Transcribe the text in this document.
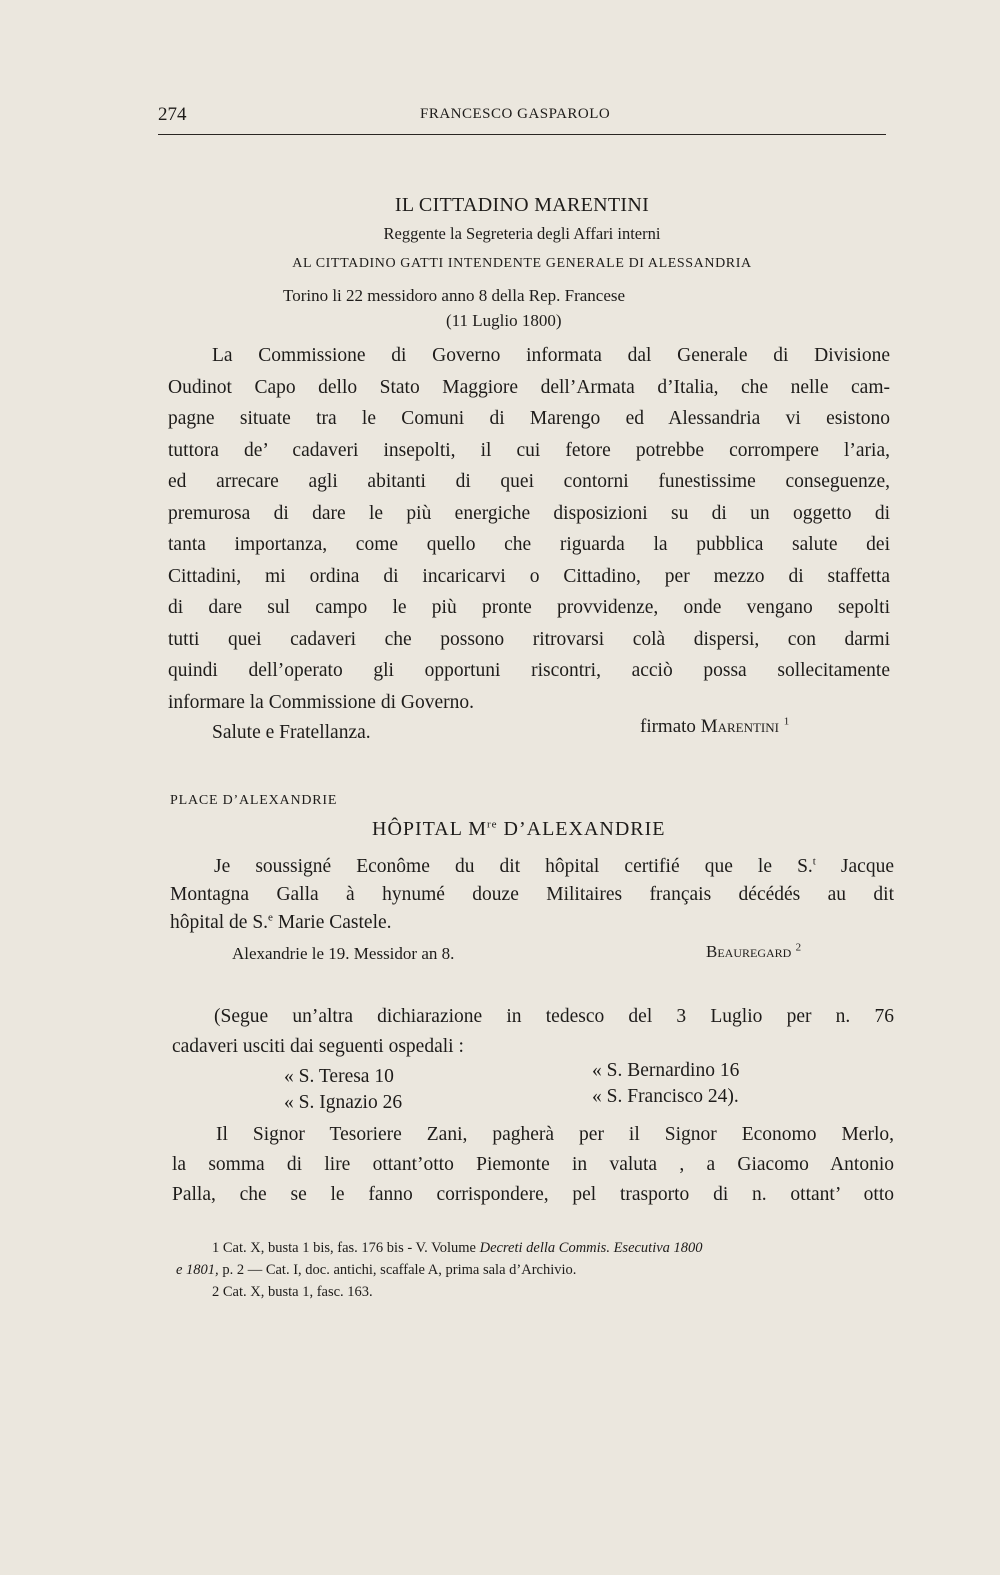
274	FRANCESCO GASPAROLO
IL CITTADINO MARENTINI
Reggente la Segreteria degli Affari interni
AL CITTADINO GATTI INTENDENTE GENERALE DI ALESSANDRIA
Torino li 22 messidoro anno 8 della Rep. Francese
(11 Luglio 1800)
La Commissione di Governo informata dal Generale di Divisione
Oudinot Capo dello Stato Maggiore dell’Armata d’Italia, che nelle cam-
pagne situate tra le Comuni di Marengo ed Alessandria vi esistono
tuttora de’ cadaveri insepolti, il cui fetore potrebbe corrompere l’aria,
ed arrecare agli abitanti di quei contorni funestissime conseguenze,
premurosa di dare le più energiche disposizioni su di un oggetto di
tanta importanza, come quello che riguarda la pubblica salute dei
Cittadini, mi ordina di incaricarvi o Cittadino, per mezzo di staffetta
di dare sul campo le più pronte provvidenze, onde vengano sepolti
tutti quei cadaveri che possono ritrovarsi colà dispersi, con darmi
quindi dell’operato gli opportuni riscontri, acciò possa sollecitamente
informare la Commissione di Governo.
Salute e Fratellanza.	firmato Marentini $^1$
PLACE D’ALEXANDRIE
HÔPITAL Mre D’ALEXANDRIE
Je soussigné Econôme du dit hôpital certifié que le S.$^t$ Jacque
Montagna Galla à hynumé douze Militaires français décédés au dit
hôpital de S.$^e$ Marie Castele.
Alexandrie le 19. Messidor an 8.	Beauregard $^2$
(Segue un’altra dichiarazione in tedesco del 3 Luglio per n. 76
cadaveri usciti dai seguenti ospedali :
« S. Teresa 10	« S. Bernardino 16
« S. Ignazio 26	« S. Francisco 24).
Il Signor Tesoriere Zani, pagherà per il Signor Economo Merlo,
la somma di lire ottant’otto Piemonte in valuta , a Giacomo Antonio
Palla, che se le fanno corrispondere, pel trasporto di n. ottant’ otto
1 Cat. X, busta 1 bis, fas. 176 bis - V. Volume Decreti della Commis. Esecutiva 1800
e 1801, p. 2 — Cat. I, doc. antichi, scaffale A, prima sala d’Archivio.
2 Cat. X, busta 1, fasc. 163.
